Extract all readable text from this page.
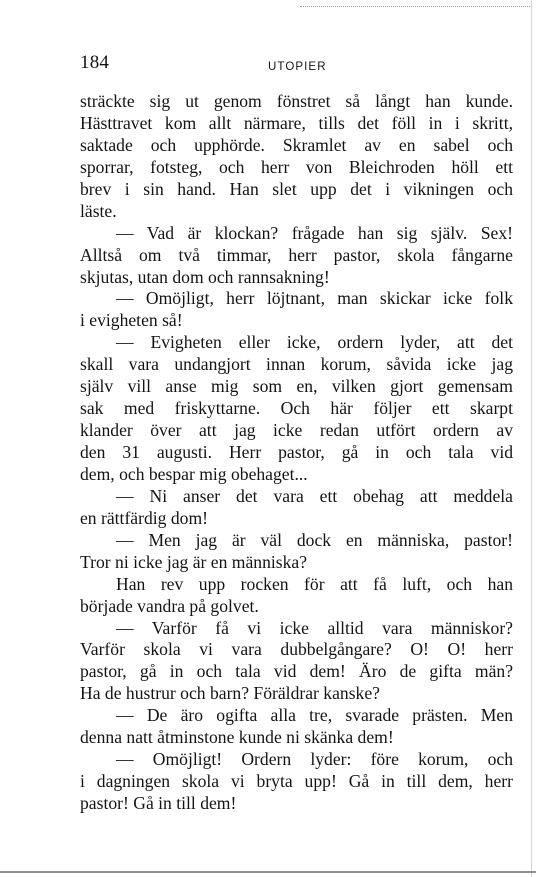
184	UTOPIER
sträckte sig ut genom fönstret så långt han kunde.
Hästtravet kom allt närmare, tills det föll in i skritt,
saktade och upphörde. Skramlet av en sabel och
sporrar, fotsteg, och herr von Bleichroden höll ett
brev i sin hand. Han slet upp det i vikningen och
läste.
— Vad är klockan? frågade han sig själv. Sex!
Alltså om två timmar, herr pastor, skola fångarne
skjutas, utan dom och rannsakning!
— Omöjligt, herr löjtnant, man skickar icke folk
i evigheten så!
— Evigheten eller icke, ordern lyder, att det
skall vara undangjort innan korum, såvida icke jag
själv vill anse mig som en, vilken gjort gemensam
sak med friskyttarne. Och här följer ett skarpt
klander över att jag icke redan utfört ordern av
den 31 augusti. Herr pastor, gå in och tala vid
dem, och bespar mig obehaget...
— Ni anser det vara ett obehag att meddela
en rättfärdig dom!
— Men jag är väl dock en människa, pastor!
Tror ni icke jag är en människa?
Han rev upp rocken för att få luft, och han
började vandra på golvet.
— Varför få vi icke alltid vara människor?
Varför skola vi vara dubbelgångare? O! O! herr
pastor, gå in och tala vid dem! Äro de gifta män?
Ha de hustrur och barn? Föräldrar kanske?
— De äro ogifta alla tre, svarade prästen. Men
denna natt åtminstone kunde ni skänka dem!
— Omöjligt! Ordern lyder: före korum, och
i dagningen skola vi bryta upp! Gå in till dem, herr
pastor! Gå in till dem!
